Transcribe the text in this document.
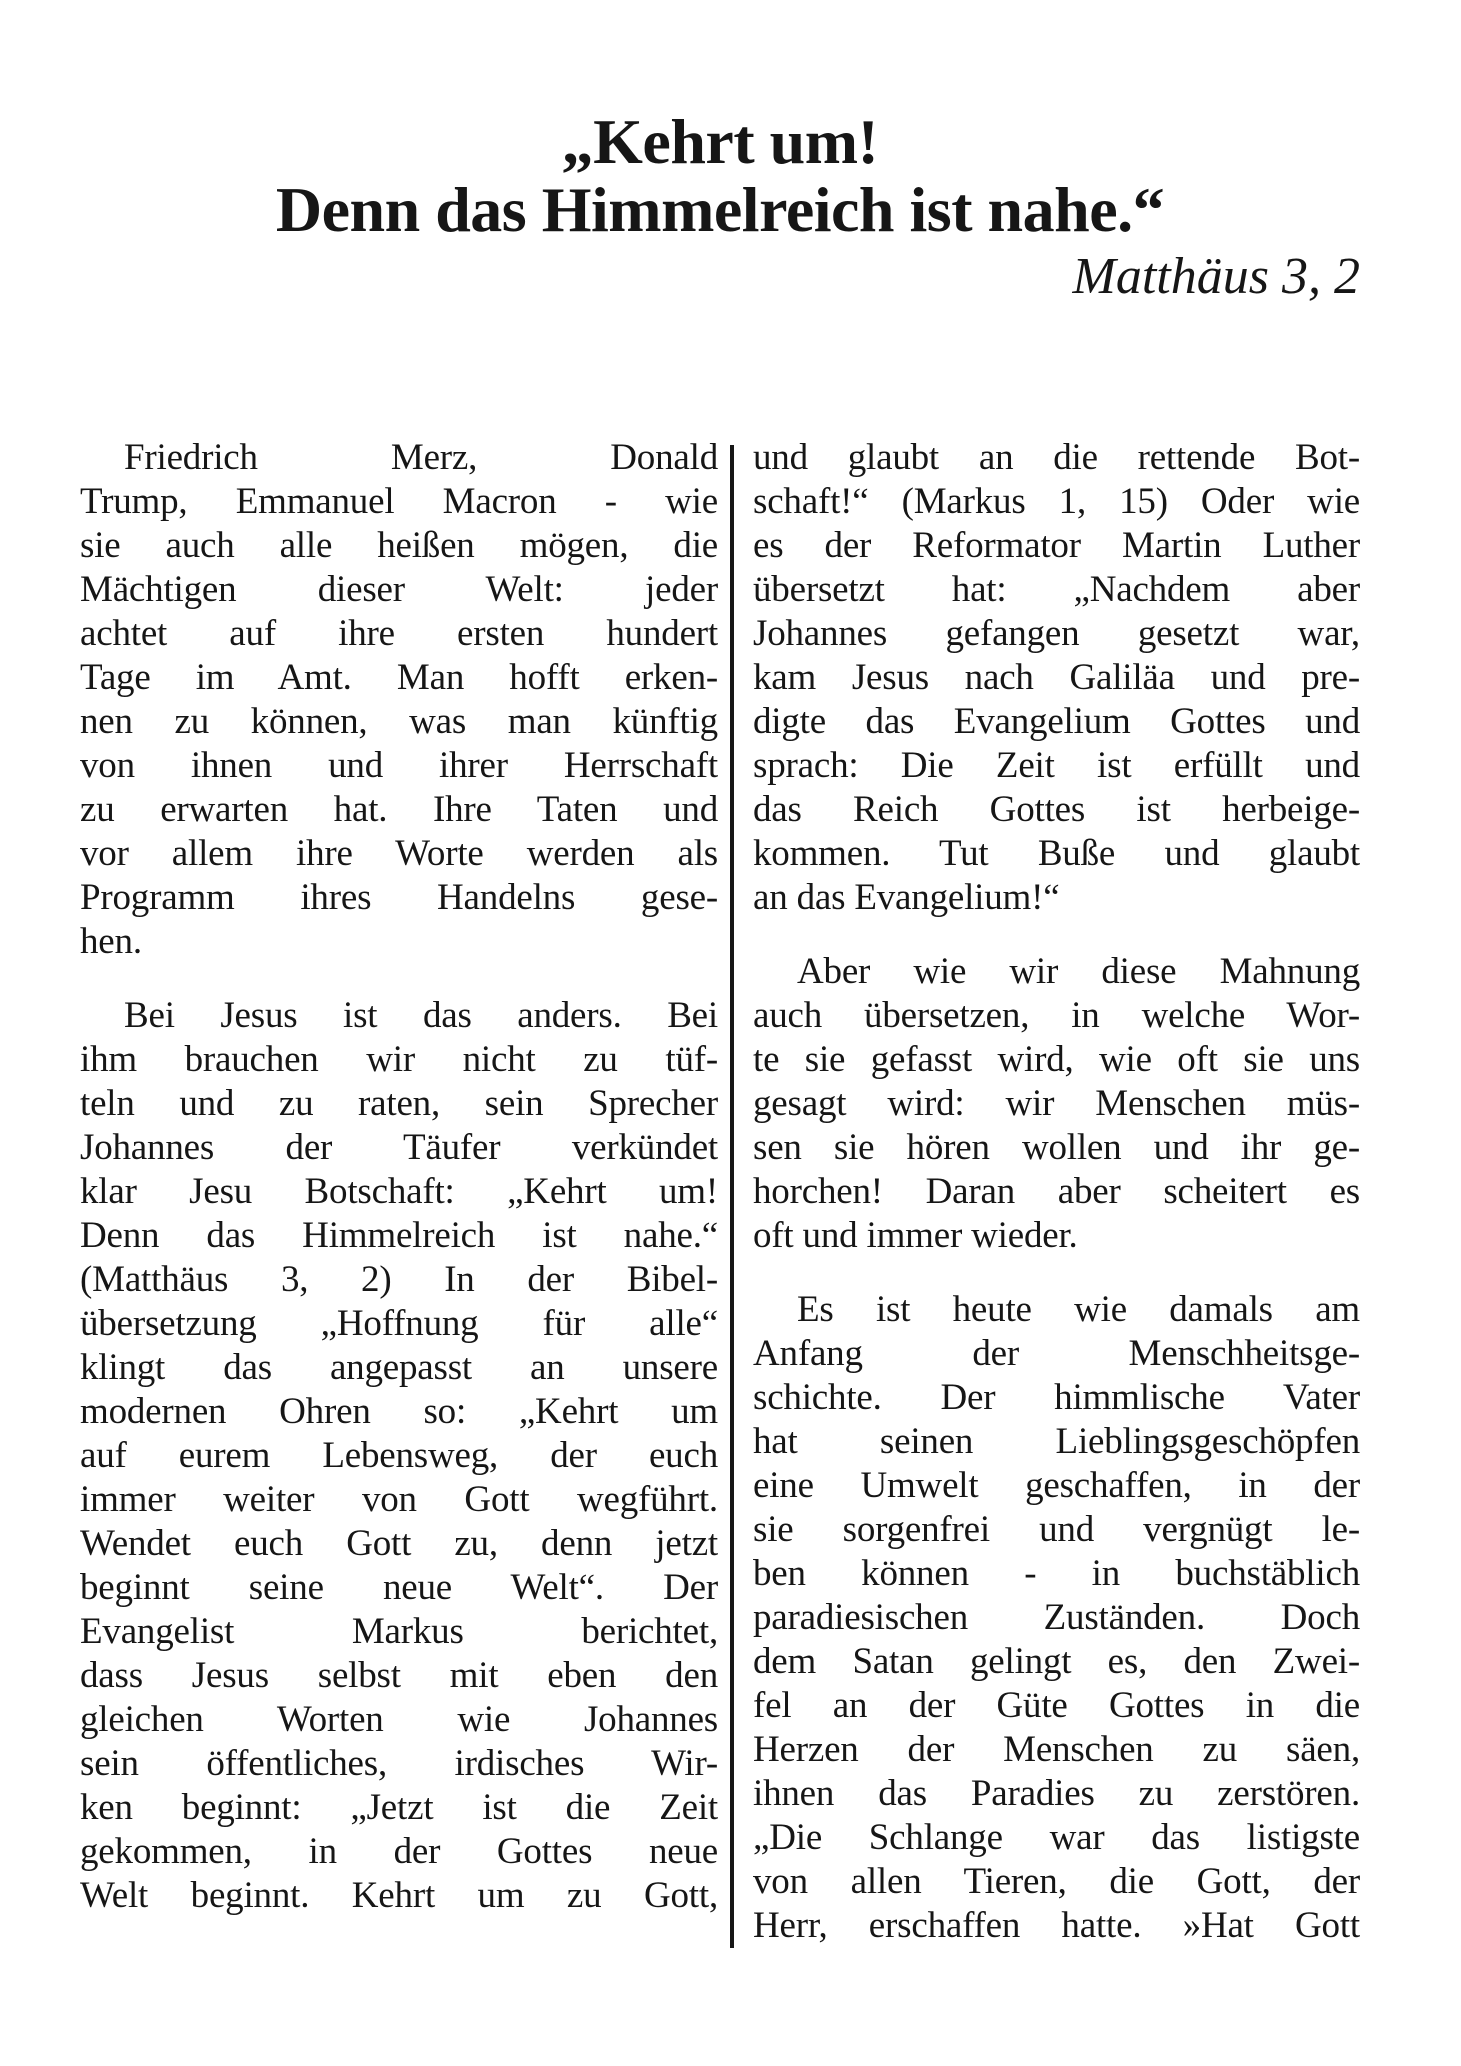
„Kehrt um!
Denn das Himmelreich ist nahe.“
Matthäus 3, 2
Friedrich Merz, Donald
Trump, Emmanuel Macron - wie
sie auch alle heißen mögen, die
Mächtigen dieser Welt: jeder
achtet auf ihre ersten hundert
Tage im Amt. Man hofft erken-
nen zu können, was man künftig
von ihnen und ihrer Herrschaft
zu erwarten hat. Ihre Taten und
vor allem ihre Worte werden als
Programm ihres Handelns gese-
hen.
Bei Jesus ist das anders. Bei
ihm brauchen wir nicht zu tüf-
teln und zu raten, sein Sprecher
Johannes der Täufer verkündet
klar Jesu Botschaft: „Kehrt um!
Denn das Himmelreich ist nahe.“
(Matthäus 3, 2) In der Bibel-
übersetzung „Hoffnung für alle“
klingt das angepasst an unsere
modernen Ohren so: „Kehrt um
auf eurem Lebensweg, der euch
immer weiter von Gott wegführt.
Wendet euch Gott zu, denn jetzt
beginnt seine neue Welt“. Der
Evangelist Markus berichtet,
dass Jesus selbst mit eben den
gleichen Worten wie Johannes
sein öffentliches, irdisches Wir-
ken beginnt: „Jetzt ist die Zeit
gekommen, in der Gottes neue
Welt beginnt. Kehrt um zu Gott,
und glaubt an die rettende Bot-
schaft!“ (Markus 1, 15) Oder wie
es der Reformator Martin Luther
übersetzt hat: „Nachdem aber
Johannes gefangen gesetzt war,
kam Jesus nach Galiläa und pre-
digte das Evangelium Gottes und
sprach: Die Zeit ist erfüllt und
das Reich Gottes ist herbeige-
kommen. Tut Buße und glaubt
an das Evangelium!“
Aber wie wir diese Mahnung
auch übersetzen, in welche Wor-
te sie gefasst wird, wie oft sie uns
gesagt wird: wir Menschen müs-
sen sie hören wollen und ihr ge-
horchen! Daran aber scheitert es
oft und immer wieder.
Es ist heute wie damals am
Anfang der Menschheitsge-
schichte. Der himmlische Vater
hat seinen Lieblingsgeschöpfen
eine Umwelt geschaffen, in der
sie sorgenfrei und vergnügt le-
ben können - in buchstäblich
paradiesischen Zuständen. Doch
dem Satan gelingt es, den Zwei-
fel an der Güte Gottes in die
Herzen der Menschen zu säen,
ihnen das Paradies zu zerstören.
„Die Schlange war das listigste
von allen Tieren, die Gott, der
Herr, erschaffen hatte. »Hat Gott
